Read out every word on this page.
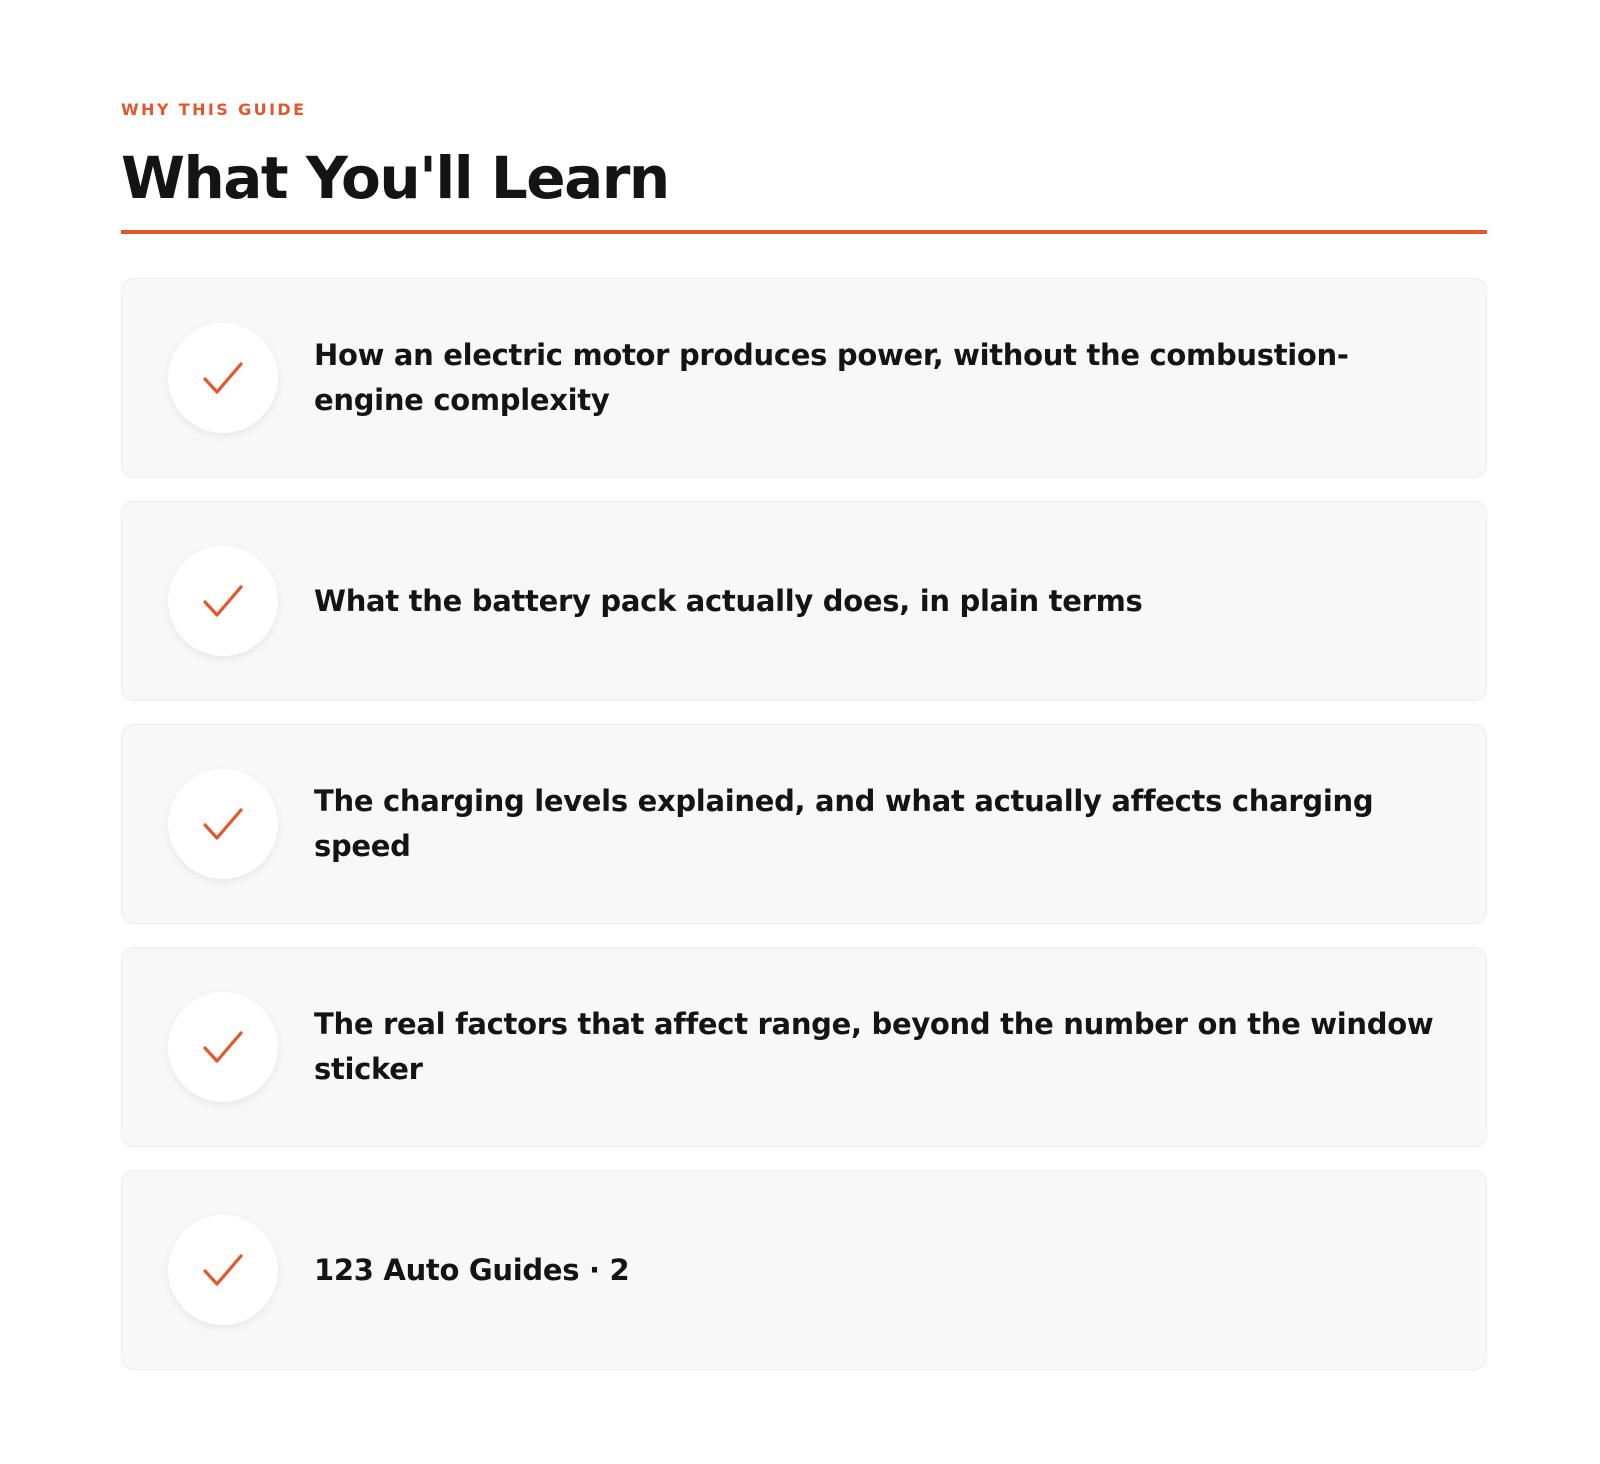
WHY THIS GUIDE
What You'll Learn
How an electric motor produces power, without the combustion-engine complexity
What the battery pack actually does, in plain terms
The charging levels explained, and what actually affects charging speed
The real factors that affect range, beyond the number on the window sticker
123 Auto Guides · 2
